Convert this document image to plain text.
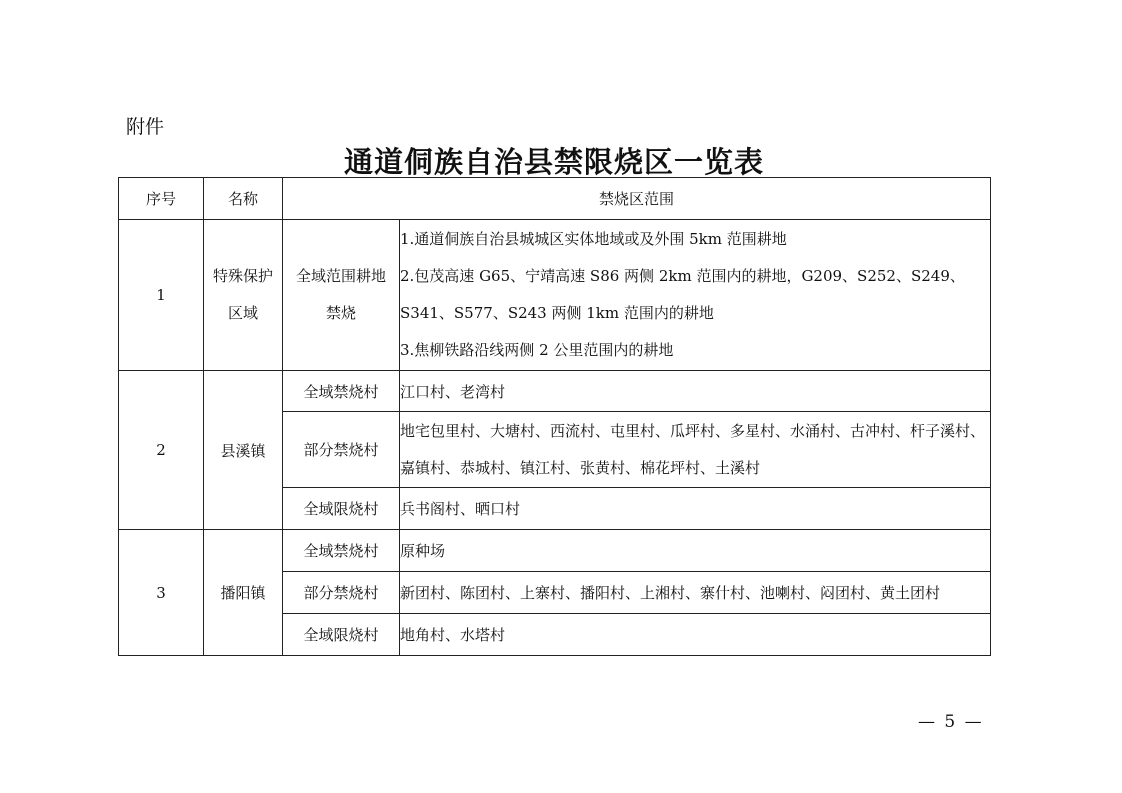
附件
通道侗族自治县禁限烧区一览表
序号	名称	禁烧区范围	
1	特殊保护区域	全域范围耕地禁烧	1.通道侗族自治县城城区实体地域或及外围 5km 范围耕地
2.包茂高速 G65、宁靖高速 S86 两侧 2km 范围内的耕地，G209、S252、S249、S341、S577、S243 两侧 1km 范围内的耕地
3.焦柳铁路沿线两侧 2 公里范围内的耕地

2	县溪镇	全域禁烧村	江口村、老湾村
		部分禁烧村	地宅包里村、大塘村、西流村、屯里村、瓜坪村、多星村、水涌村、古冲村、杆子溪村、嘉镇村、恭城村、镇江村、张黄村、棉花坪村、土溪村

		全域限烧村	兵书阁村、晒口村
3	播阳镇	全域禁烧村	原种场
		部分禁烧村	新团村、陈团村、上寨村、播阳村、上湘村、寨什村、池喇村、闷团村、黄土团村
		全域限烧村	地角村、水塔村
— 5 —
